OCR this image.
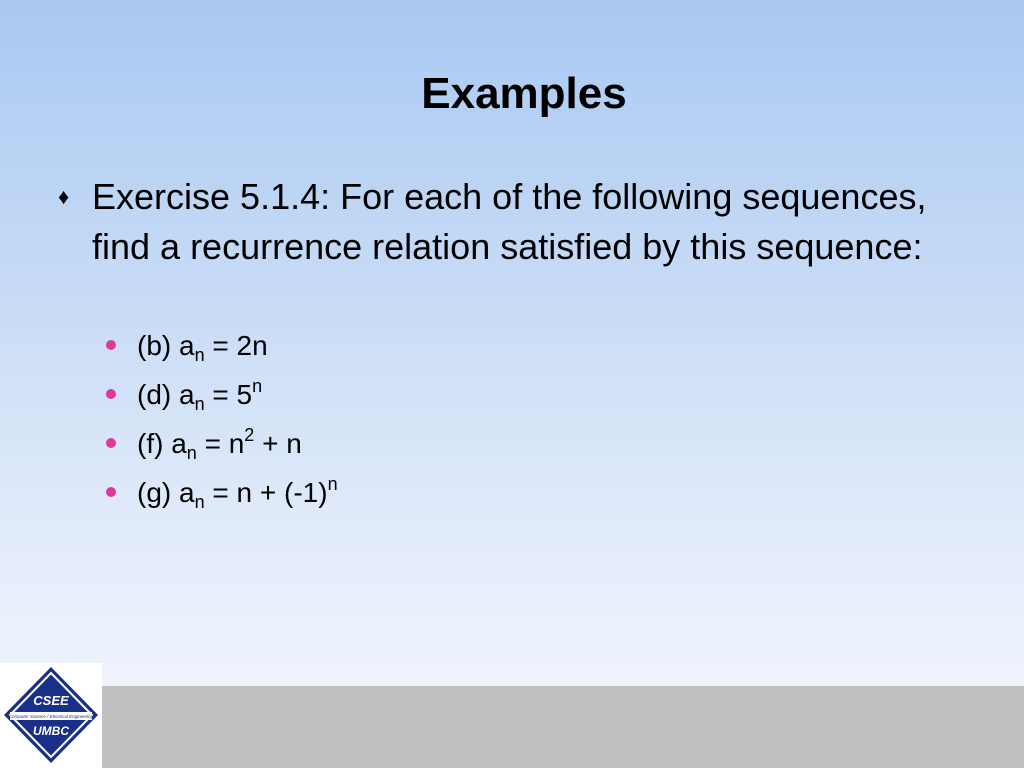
Examples
♦ Exercise 5.1.4: For each of the following sequences, find a recurrence relation satisfied by this sequence:
(b) $a_n = 2n$
(d) $a_n = 5^n$
(f) $a_n = n^2 + n$
(g) $a_n = n + (-1)^n$
CSEE
Computer Science / Electrical Engineering
UMBC
